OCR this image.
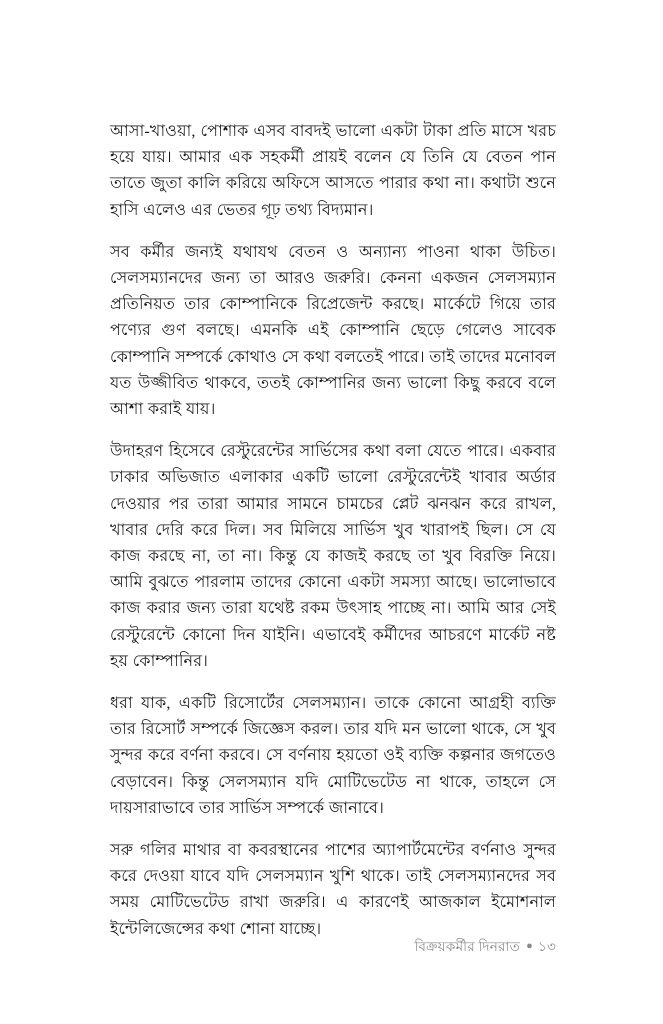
আসা-খাওয়া, পোশাক এসব বাবদই ভালো একটা টাকা প্রতি মাসে খরচ হয়ে যায়। আমার এক সহকর্মী প্রায়ই বলেন যে তিনি যে বেতন পান তাতে জুতা কালি করিয়ে অফিসে আসতে পারার কথা না। কথাটা শুনে হাসি এলেও এর ভেতর গূঢ় তথ্য বিদ্যমান।

সব কর্মীর জন্যই যথাযথ বেতন ও অন্যান্য পাওনা থাকা উচিত। সেলসম্যানদের জন্য তা আরও জরুরি। কেননা একজন সেলসম্যান প্রতিনিয়ত তার কোম্পানিকে রিপ্রেজেন্ট করছে। মার্কেটে গিয়ে তার পণ্যের গুণ বলছে। এমনকি এই কোম্পানি ছেড়ে গেলেও সাবেক কোম্পানি সম্পর্কে কোথাও সে কথা বলতেই পারে। তাই তাদের মনোবল যত উজ্জীবিত থাকবে, ততই কোম্পানির জন্য ভালো কিছু করবে বলে আশা করাই যায়।

উদাহরণ হিসেবে রেস্টুরেন্টের সার্ভিসের কথা বলা যেতে পারে। একবার ঢাকার অভিজাত এলাকার একটি ভালো রেস্টুরেন্টেই খাবার অর্ডার দেওয়ার পর তারা আমার সামনে চামচের প্লেট ঝনঝন করে রাখল, খাবার দেরি করে দিল। সব মিলিয়ে সার্ভিস খুব খারাপই ছিল। সে যে কাজ করছে না, তা না। কিন্তু যে কাজই করছে তা খুব বিরক্তি নিয়ে। আমি বুঝতে পারলাম তাদের কোনো একটা সমস্যা আছে। ভালোভাবে কাজ করার জন্য তারা যথেষ্ট রকম উৎসাহ পাচ্ছে না। আমি আর সেই রেস্টুরেন্টে কোনো দিন যাইনি। এভাবেই কর্মীদের আচরণে মার্কেট নষ্ট হয় কোম্পানির।

ধরা যাক, একটি রিসোর্টের সেলসম্যান। তাকে কোনো আগ্রহী ব্যক্তি তার রিসোর্ট সম্পর্কে জিজ্ঞেস করল। তার যদি মন ভালো থাকে, সে খুব সুন্দর করে বর্ণনা করবে। সে বর্ণনায় হয়তো ওই ব্যক্তি কল্পনার জগতেও বেড়াবেন। কিন্তু সেলসম্যান যদি মোটিভেটেড না থাকে, তাহলে সে দায়সারাভাবে তার সার্ভিস সম্পর্কে জানাবে।

সরু গলির মাথার বা কবরস্থানের পাশের অ্যাপার্টমেন্টের বর্ণনাও সুন্দর করে দেওয়া যাবে যদি সেলসম্যান খুশি থাকে। তাই সেলসম্যানদের সব সময় মোটিভেটেড রাখা জরুরি। এ কারণেই আজকাল ইমোশনাল ইন্টেলিজেন্সের কথা শোনা যাচ্ছে।

বিক্রয়কর্মীর দিনরাত ● ১৩
